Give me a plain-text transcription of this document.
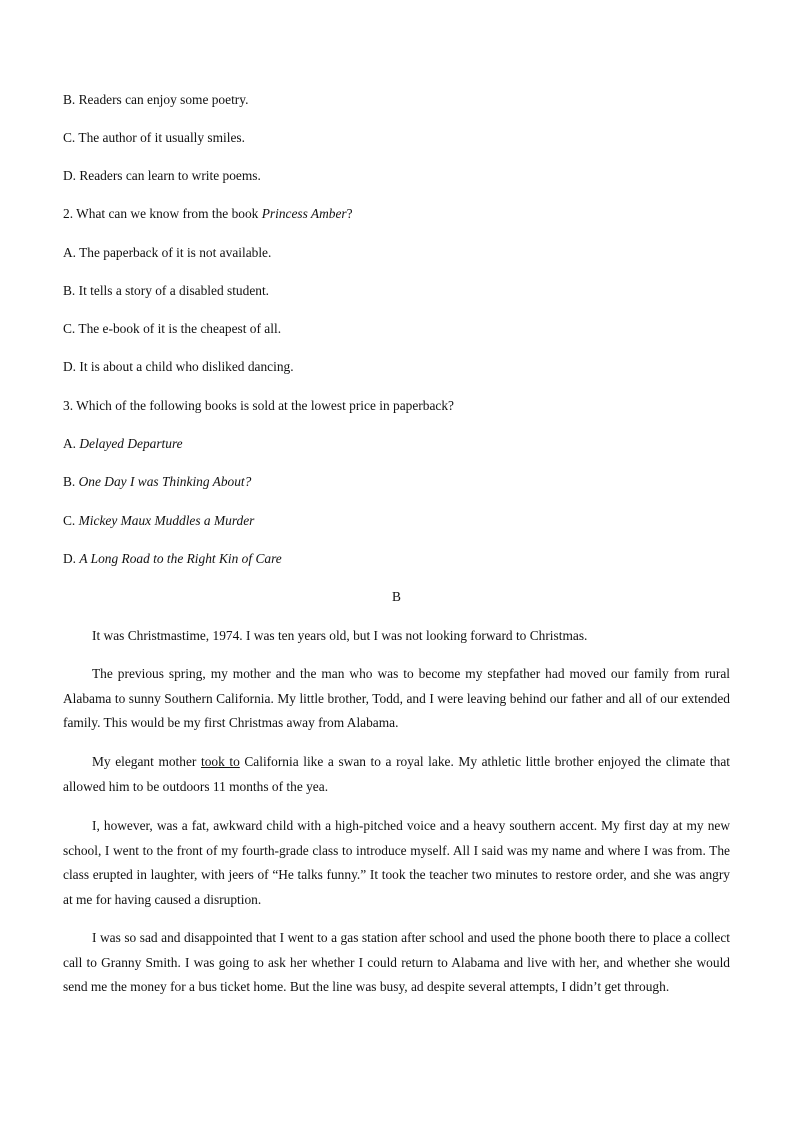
B. Readers can enjoy some poetry.
C. The author of it usually smiles.
D. Readers can learn to write poems.
2. What can we know from the book Princess Amber?
A. The paperback of it is not available.
B. It tells a story of a disabled student.
C. The e-book of it is the cheapest of all.
D. It is about a child who disliked dancing.
3. Which of the following books is sold at the lowest price in paperback?
A. Delayed Departure
B. One Day I was Thinking About?
C. Mickey Maux Muddles a Murder
D. A Long Road to the Right Kin of Care
B
It was Christmastime, 1974. I was ten years old, but I was not looking forward to Christmas.
The previous spring, my mother and the man who was to become my stepfather had moved our family from rural Alabama to sunny Southern California. My little brother, Todd, and I were leaving behind our father and all of our extended family. This would be my first Christmas away from Alabama.
My elegant mother took to California like a swan to a royal lake. My athletic little brother enjoyed the climate that allowed him to be outdoors 11 months of the yea.
I, however, was a fat, awkward child with a high-pitched voice and a heavy southern accent. My first day at my new school, I went to the front of my fourth-grade class to introduce myself. All I said was my name and where I was from. The class erupted in laughter, with jeers of “He talks funny.” It took the teacher two minutes to restore order, and she was angry at me for having caused a disruption.
I was so sad and disappointed that I went to a gas station after school and used the phone booth there to place a collect call to Granny Smith. I was going to ask her whether I could return to Alabama and live with her, and whether she would send me the money for a bus ticket home. But the line was busy, ad despite several attempts, I didn’t get through.
